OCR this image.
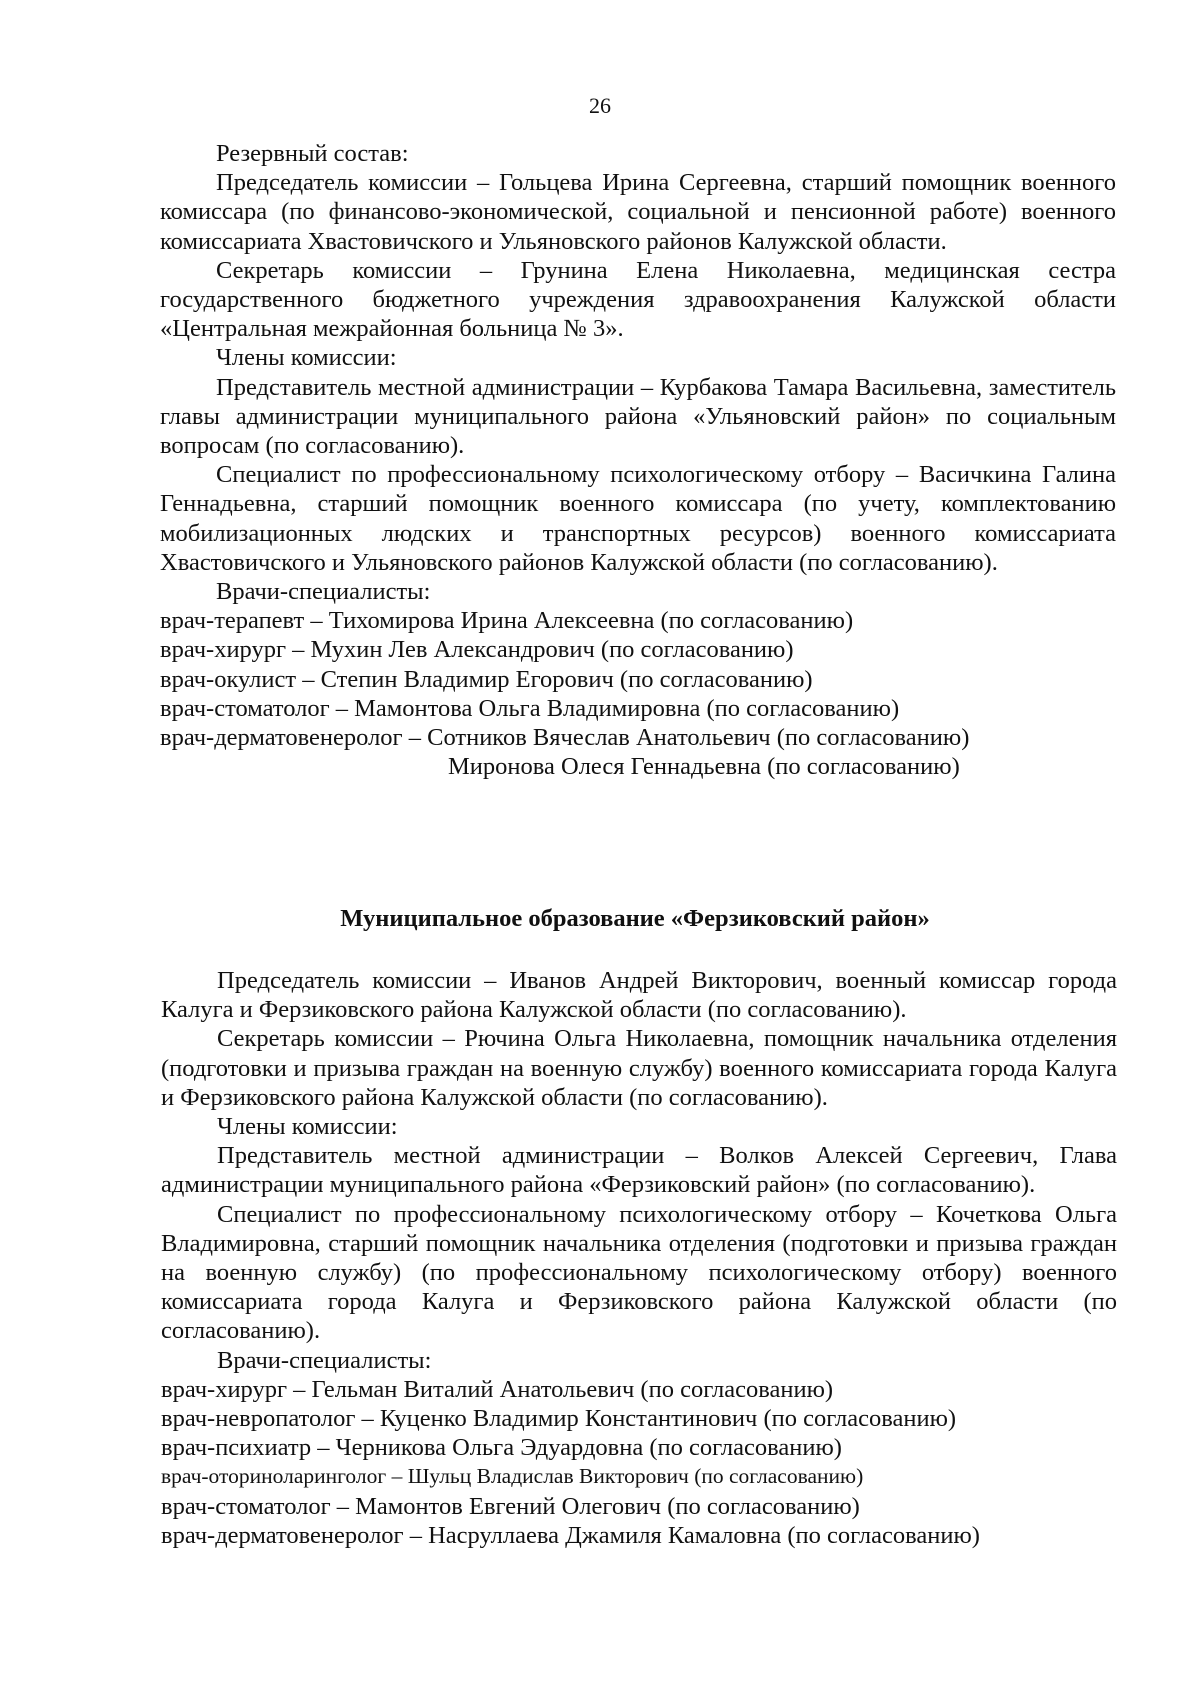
26

Резервный состав:

Председатель комиссии – Гольцева Ирина Сергеевна, старший помощник военного комиссара (по финансово-экономической, социальной и пенсионной работе) военного комиссариата Хвастовичского и Ульяновского районов Калужской области.

Секретарь комиссии – Грунина Елена Николаевна, медицинская сестра государственного бюджетного учреждения здравоохранения Калужской области «Центральная межрайонная больница № 3».

Члены комиссии:

Представитель местной администрации – Курбакова Тамара Васильевна, заместитель главы администрации муниципального района «Ульяновский район» по социальным вопросам (по согласованию).

Специалист по профессиональному психологическому отбору – Васичкина Галина Геннадьевна, старший помощник военного комиссара (по учету, комплектованию мобилизационных людских и транспортных ресурсов) военного комиссариата Хвастовичского и Ульяновского районов Калужской области (по согласованию).

Врачи-специалисты:

врач-терапевт – Тихомирова Ирина Алексеевна (по согласованию)

врач-хирург – Мухин Лев Александрович (по согласованию)

врач-окулист – Степин Владимир Егорович (по согласованию)

врач-стоматолог – Мамонтова Ольга Владимировна (по согласованию)

врач-дерматовенеролог – Сотников Вячеслав Анатольевич (по согласованию)

Миронова Олеся Геннадьевна (по согласованию)

Муниципальное образование «Ферзиковский район»

Председатель комиссии – Иванов Андрей Викторович, военный комиссар города Калуга и Ферзиковского района Калужской области (по согласованию).

Секретарь комиссии – Рючина Ольга Николаевна, помощник начальника отделения (подготовки и призыва граждан на военную службу) военного комиссариата города Калуга и Ферзиковского района Калужской области (по согласованию).

Члены комиссии:

Представитель местной администрации – Волков Алексей Сергеевич, Глава администрации муниципального района «Ферзиковский район» (по согласованию).

Специалист по профессиональному психологическому отбору – Кочеткова Ольга Владимировна, старший помощник начальника отделения (подготовки и призыва граждан на военную службу) (по профессиональному психологическому отбору) военного комиссариата города Калуга и Ферзиковского района Калужской области (по согласованию).

Врачи-специалисты:

врач-хирург – Гельман Виталий Анатольевич (по согласованию)

врач-невропатолог – Куценко Владимир Константинович (по согласованию)

врач-психиатр – Черникова Ольга Эдуардовна (по согласованию)

врач-оториноларинголог – Шульц Владислав Викторович (по согласованию)

врач-стоматолог – Мамонтов Евгений Олегович (по согласованию)

врач-дерматовенеролог – Насруллаева Джамиля Камаловна (по согласованию)
